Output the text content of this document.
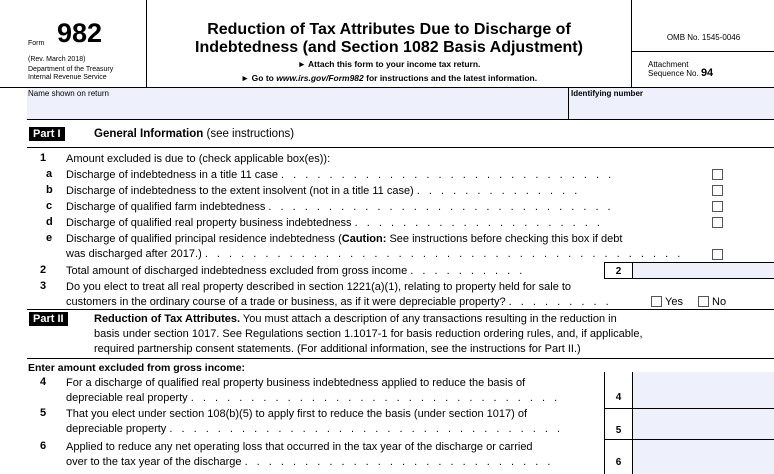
Form 982
(Rev. March 2018)
Department of the Treasury
Internal Revenue Service
Reduction of Tax Attributes Due to Discharge of
Indebtedness (and Section 1082 Basis Adjustment)
► Attach this form to your income tax return.
► Go to www.irs.gov/Form982 for instructions and the latest information.
OMB No. 1545-0046
Attachment
Sequence No. 94
Name shown on return	Identifying number
Part I	General Information (see instructions)
1 Amount excluded is due to (check applicable box(es)):
a Discharge of indebtedness in a title 11 case . . . . . . . . . . . . . . . . . . . . . . . . . . . .
b Discharge of indebtedness to the extent insolvent (not in a title 11 case) . . . . . . . . . . . . . .
c Discharge of qualified farm indebtedness . . . . . . . . . . . . . . . . . . . . . . . . . . . . .
d Discharge of qualified real property business indebtedness . . . . . . . . . . . . . . . . . . . . .
e Discharge of qualified principal residence indebtedness (Caution: See instructions before checking this box if debt
was discharged after 2017.) . . . . . . . . . . . . . . . . . . . . . . . . . . . . . . . . . . . . . . . .
2 Total amount of discharged indebtedness excluded from gross income . . . . . . . . . .	2
3 Do you elect to treat all real property described in section 1221(a)(1), relating to property held for sale to
customers in the ordinary course of a trade or business, as if it were depreciable property? . . . . . . . . .	Yes	No
Part II	Reduction of Tax Attributes. You must attach a description of any transactions resulting in the reduction in
basis under section 1017. See Regulations section 1.1017-1 for basis reduction ordering rules, and, if applicable,
required partnership consent statements. (For additional information, see the instructions for Part II.)
Enter amount excluded from gross income:
4 For a discharge of qualified real property business indebtedness applied to reduce the basis of
depreciable real property . . . . . . . . . . . . . . . . . . . . . . . . . . . . . . .	4
5 That you elect under section 108(b)(5) to apply first to reduce the basis (under section 1017) of
depreciable property . . . . . . . . . . . . . . . . . . . . . . . . . . . . . . . . .	5
6 Applied to reduce any net operating loss that occurred in the tax year of the discharge or carried
over to the tax year of the discharge . . . . . . . . . . . . . . . . . . . . . . . . . .	6
